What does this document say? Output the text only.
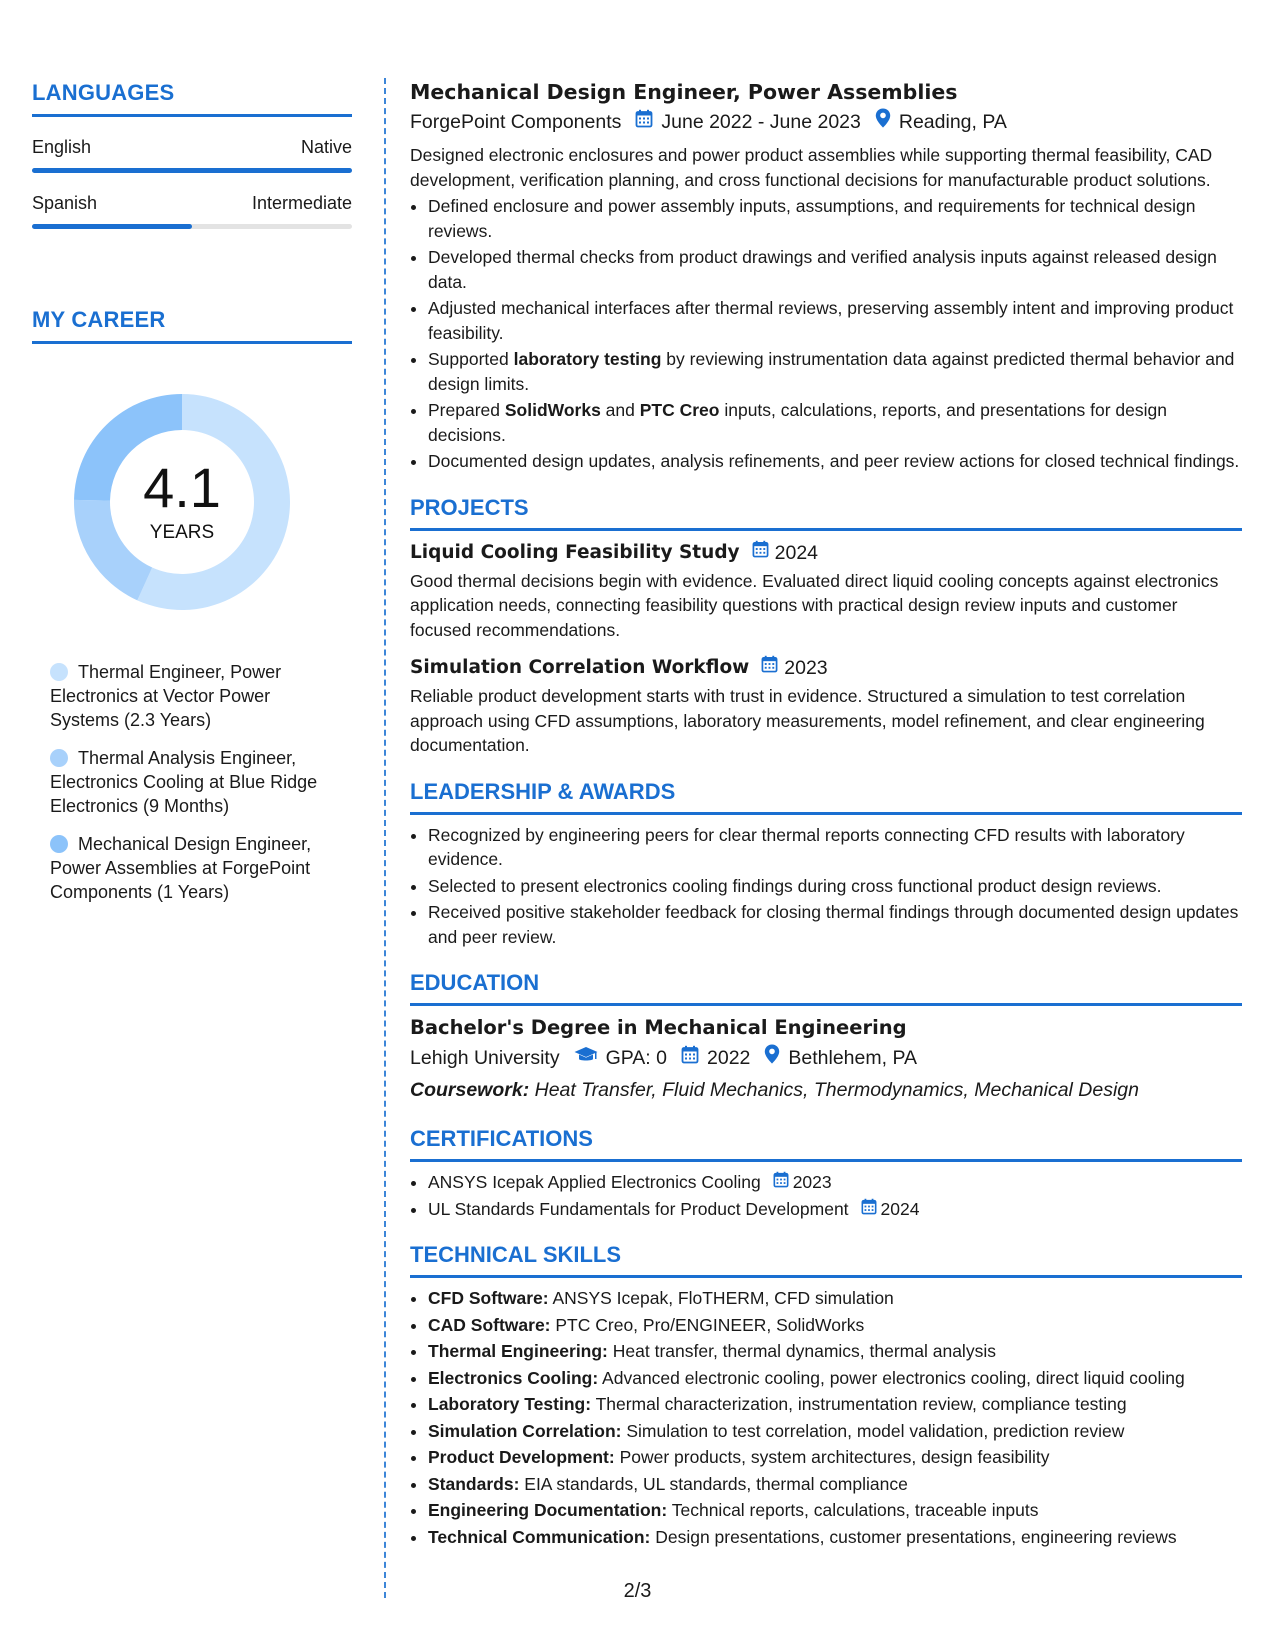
LANGUAGES
English	Native
Spanish	Intermediate
MY CAREER
4.1
YEARS
Thermal Engineer, Power Electronics at Vector Power Systems (2.3 Years)
Thermal Analysis Engineer, Electronics Cooling at Blue Ridge Electronics (9 Months)
Mechanical Design Engineer, Power Assemblies at ForgePoint Components (1 Years)
Mechanical Design Engineer, Power Assemblies
ForgePoint Components June 2022 - June 2023 Reading, PA

Designed electronic enclosures and power product assemblies while supporting thermal feasibility, CAD development, verification planning, and cross functional decisions for manufacturable product solutions.

• Defined enclosure and power assembly inputs, assumptions, and requirements for technical design reviews.
• Developed thermal checks from product drawings and verified analysis inputs against released design data.
• Adjusted mechanical interfaces after thermal reviews, preserving assembly intent and improving product feasibility.
• Supported laboratory testing by reviewing instrumentation data against predicted thermal behavior and design limits.
• Prepared SolidWorks and PTC Creo inputs, calculations, reports, and presentations for design decisions.
• Documented design updates, analysis refinements, and peer review actions for closed technical findings.
PROJECTS
Liquid Cooling Feasibility Study 2024
Good thermal decisions begin with evidence. Evaluated direct liquid cooling concepts against electronics application needs, connecting feasibility questions with practical design review inputs and customer focused recommendations.
Simulation Correlation Workflow 2023
Reliable product development starts with trust in evidence. Structured a simulation to test correlation approach using CFD assumptions, laboratory measurements, model refinement, and clear engineering documentation.
LEADERSHIP & AWARDS
• Recognized by engineering peers for clear thermal reports connecting CFD results with laboratory evidence.
• Selected to present electronics cooling findings during cross functional product design reviews.
• Received positive stakeholder feedback for closing thermal findings through documented design updates and peer review.
EDUCATION
Bachelor's Degree in Mechanical Engineering
Lehigh University GPA: 0 2022 Bethlehem, PA
Coursework: Heat Transfer, Fluid Mechanics, Thermodynamics, Mechanical Design
CERTIFICATIONS
• ANSYS Icepak Applied Electronics Cooling 2023
• UL Standards Fundamentals for Product Development 2024
TECHNICAL SKILLS
• CFD Software: ANSYS Icepak, FloTHERM, CFD simulation
• CAD Software: PTC Creo, Pro/ENGINEER, SolidWorks
• Thermal Engineering: Heat transfer, thermal dynamics, thermal analysis
• Electronics Cooling: Advanced electronic cooling, power electronics cooling, direct liquid cooling
• Laboratory Testing: Thermal characterization, instrumentation review, compliance testing
• Simulation Correlation: Simulation to test correlation, model validation, prediction review
• Product Development: Power products, system architectures, design feasibility
• Standards: EIA standards, UL standards, thermal compliance
• Engineering Documentation: Technical reports, calculations, traceable inputs
• Technical Communication: Design presentations, customer presentations, engineering reviews
2/3
